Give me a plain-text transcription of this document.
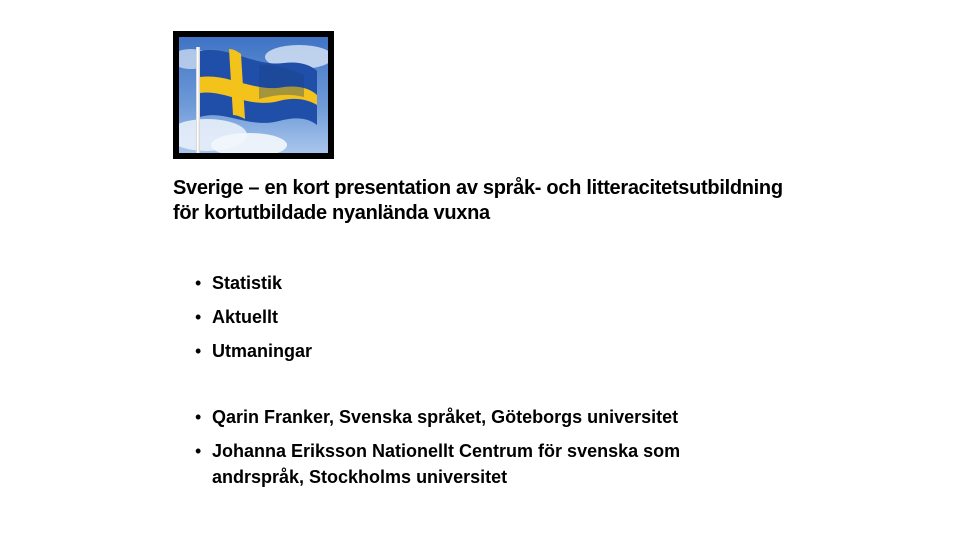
Sverige – en kort presentation av språk- och litteracitetsutbildning
för kortutbildade nyanlända vuxna
• Statistik
• Aktuellt
• Utmaningar
• Qarin Franker, Svenska språket, Göteborgs universitet
• Johanna Eriksson Nationellt Centrum för svenska som
andrspråk, Stockholms universitet
